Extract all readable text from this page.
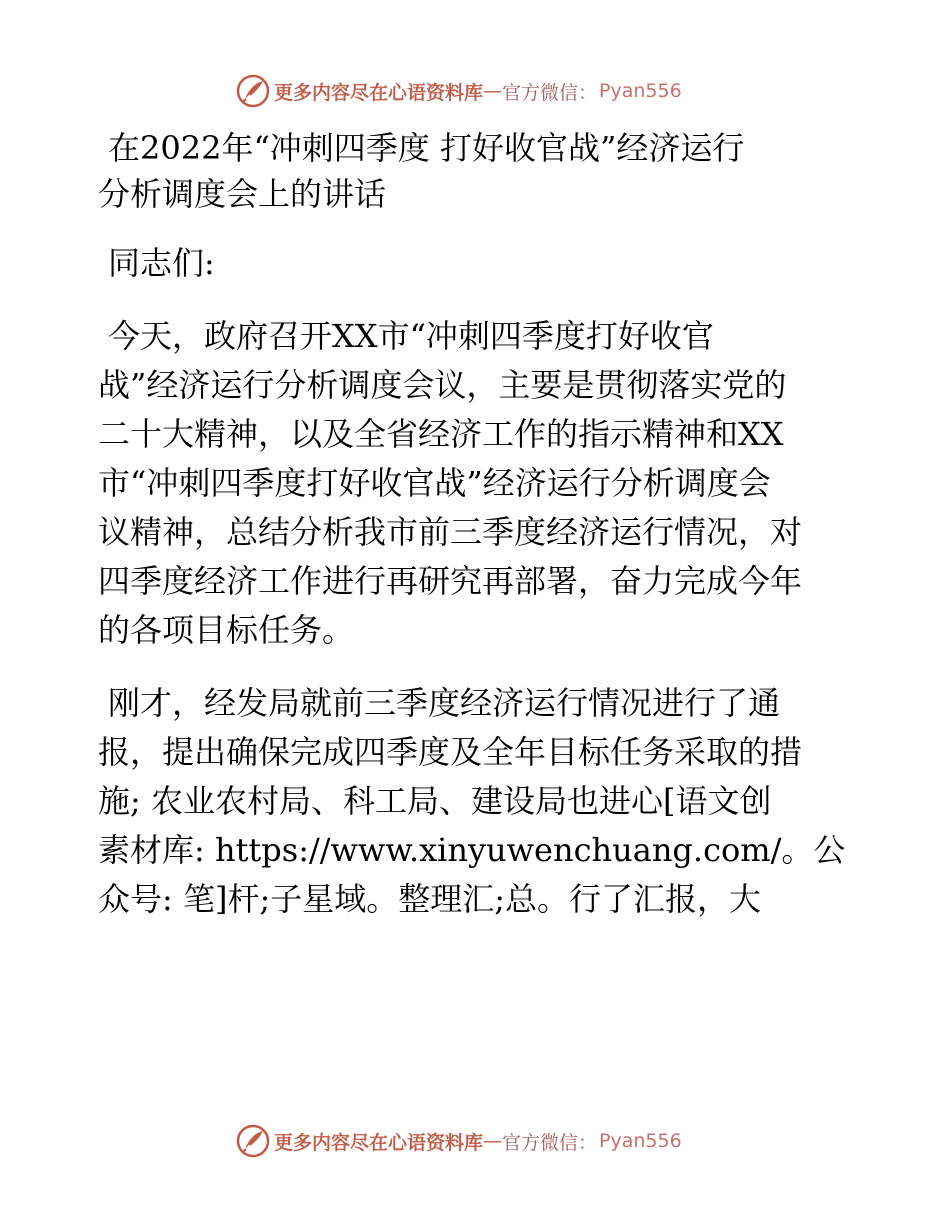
更多内容尽在心语资料库 — 官方微信： Pyan556
在2022年“冲刺四季度 打好收官战”经济运行
分析调度会上的讲话

同志们:

今天，政府召开XX市“冲刺四季度打好收官
战”经济运行分析调度会议，主要是贯彻落实党的
二十大精神，以及全省经济工作的指示精神和XX
市“冲刺四季度打好收官战”经济运行分析调度会
议精神，总结分析我市前三季度经济运行情况，对
四季度经济工作进行再研究再部署，奋力完成今年
的各项目标任务。
刚才，经发局就前三季度经济运行情况进行了通
报，提出确保完成四季度及全年目标任务采取的措
施; 农业农村局、科工局、建设局也进心[语文创
素材库: https://www.xinyuwenchuang.com/。公
众号: 笔]杆;子星域。整理汇;总。行了汇报，大
更多内容尽在心语资料库 — 官方微信： Pyan556
